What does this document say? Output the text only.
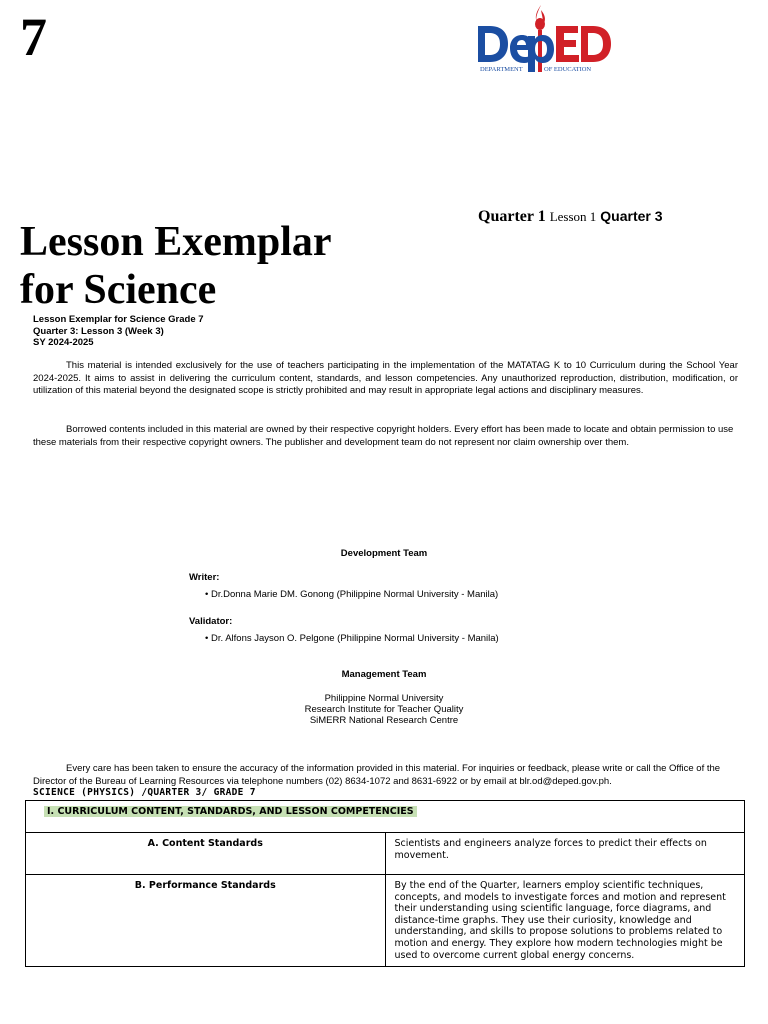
7
DEPARTMENT	OF EDUCATION
Quarter 1 Lesson 1 Quarter 3
Lesson Exemplar
for Science
Lesson Exemplar for Science Grade 7
Quarter 3: Lesson 3 (Week 3)
SY 2024-2025

This material is intended exclusively for the use of teachers participating in the implementation of the MATATAG K to 10 Curriculum during the School Year 2024-2025. It aims to assist in delivering the curriculum content, standards, and lesson competencies. Any unauthorized reproduction, distribution, modification, or utilization of this material beyond the designated scope is strictly prohibited and may result in appropriate legal actions and disciplinary measures.

Borrowed contents included in this material are owned by their respective copyright holders. Every effort has been made to locate and obtain permission to use these materials from their respective copyright owners. The publisher and development team do not represent nor claim ownership over them.

Development Team
Writer:
• Dr.Donna Marie DM. Gonong (Philippine Normal University - Manila)
Validator:
• Dr. Alfons Jayson O. Pelgone (Philippine Normal University - Manila)
Management Team
Philippine Normal University
Research Institute for Teacher Quality
SiMERR National Research Centre

Every care has been taken to ensure the accuracy of the information provided in this material. For inquiries or feedback, please write or call the Office of the Director of the Bureau of Learning Resources via telephone numbers (02) 8634-1072 and 8631-6922 or by email at blr.od@deped.gov.ph.

SCIENCE (PHYSICS) /QUARTER 3/ GRADE 7
I. CURRICULUM CONTENT, STANDARDS, AND LESSON COMPETENCIES	
A. Content Standards	Scientists and engineers analyze forces to predict their effects on movement.
B. Performance Standards	By the end of the Quarter, learners employ scientific techniques, concepts, and models to investigate forces and motion and represent their understanding using scientific language, force diagrams, and distance-time graphs. They use their curiosity, knowledge and understanding, and skills to propose solutions to problems related to motion and energy. They explore how modern technologies might be used to overcome current global energy concerns.
